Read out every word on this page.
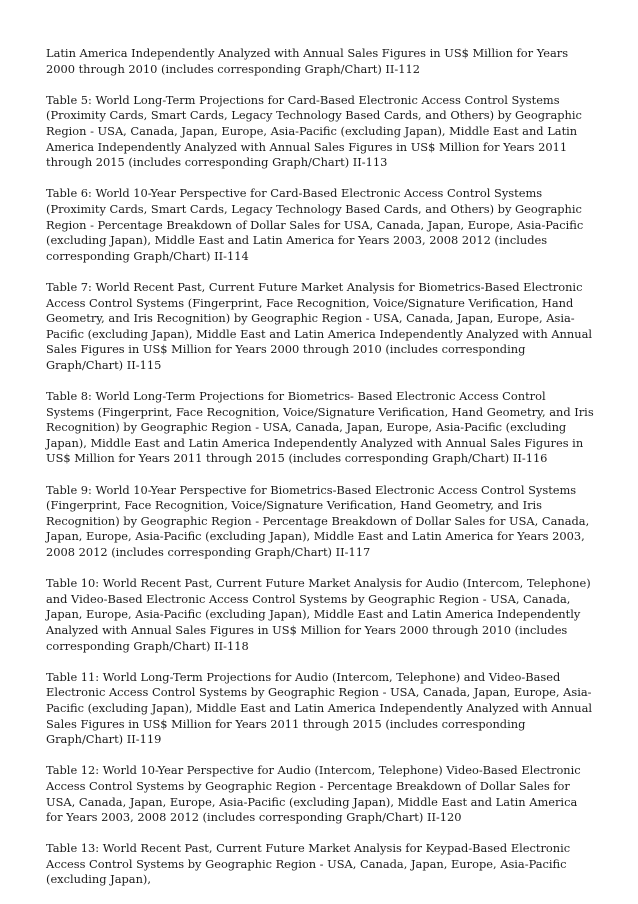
Latin America Independently Analyzed with Annual Sales Figures in US$ Million for Years 2000 through 2010 (includes corresponding Graph/Chart) II-112

Table 5: World Long-Term Projections for Card-Based Electronic Access Control Systems (Proximity Cards, Smart Cards, Legacy Technology Based Cards, and Others) by Geographic Region - USA, Canada, Japan, Europe, Asia-Pacific (excluding Japan), Middle East and Latin America Independently Analyzed with Annual Sales Figures in US$ Million for Years 2011 through 2015 (includes corresponding Graph/Chart) II-113

Table 6: World 10-Year Perspective for Card-Based Electronic Access Control Systems (Proximity Cards, Smart Cards, Legacy Technology Based Cards, and Others) by Geographic Region - Percentage Breakdown of Dollar Sales for USA, Canada, Japan, Europe, Asia-Pacific (excluding Japan), Middle East and Latin America for Years 2003, 2008 2012 (includes corresponding Graph/Chart) II-114

Table 7: World Recent Past, Current Future Market Analysis for Biometrics-Based Electronic Access Control Systems (Fingerprint, Face Recognition, Voice/Signature Verification, Hand Geometry, and Iris Recognition) by Geographic Region - USA, Canada, Japan, Europe, Asia-Pacific (excluding Japan), Middle East and Latin America Independently Analyzed with Annual Sales Figures in US$ Million for Years 2000 through 2010 (includes corresponding Graph/Chart) II-115

Table 8: World Long-Term Projections for Biometrics- Based Electronic Access Control Systems (Fingerprint, Face Recognition, Voice/Signature Verification, Hand Geometry, and Iris Recognition) by Geographic Region - USA, Canada, Japan, Europe, Asia-Pacific (excluding Japan), Middle East and Latin America Independently Analyzed with Annual Sales Figures in US$ Million for Years 2011 through 2015 (includes corresponding Graph/Chart) II-116

Table 9: World 10-Year Perspective for Biometrics-Based Electronic Access Control Systems (Fingerprint, Face Recognition, Voice/Signature Verification, Hand Geometry, and Iris Recognition) by Geographic Region - Percentage Breakdown of Dollar Sales for USA, Canada, Japan, Europe, Asia-Pacific (excluding Japan), Middle East and Latin America for Years 2003, 2008 2012 (includes corresponding Graph/Chart) II-117

Table 10: World Recent Past, Current Future Market Analysis for Audio (Intercom, Telephone) and Video-Based Electronic Access Control Systems by Geographic Region - USA, Canada, Japan, Europe, Asia-Pacific (excluding Japan), Middle East and Latin America Independently Analyzed with Annual Sales Figures in US$ Million for Years 2000 through 2010 (includes corresponding Graph/Chart) II-118

Table 11: World Long-Term Projections for Audio (Intercom, Telephone) and Video-Based Electronic Access Control Systems by Geographic Region - USA, Canada, Japan, Europe, Asia-Pacific (excluding Japan), Middle East and Latin America Independently Analyzed with Annual Sales Figures in US$ Million for Years 2011 through 2015 (includes corresponding Graph/Chart) II-119

Table 12: World 10-Year Perspective for Audio (Intercom, Telephone) Video-Based Electronic Access Control Systems by Geographic Region - Percentage Breakdown of Dollar Sales for USA, Canada, Japan, Europe, Asia-Pacific (excluding Japan), Middle East and Latin America for Years 2003, 2008 2012 (includes corresponding Graph/Chart) II-120

Table 13: World Recent Past, Current Future Market Analysis for Keypad-Based Electronic Access Control Systems by Geographic Region - USA, Canada, Japan, Europe, Asia-Pacific (excluding Japan),
